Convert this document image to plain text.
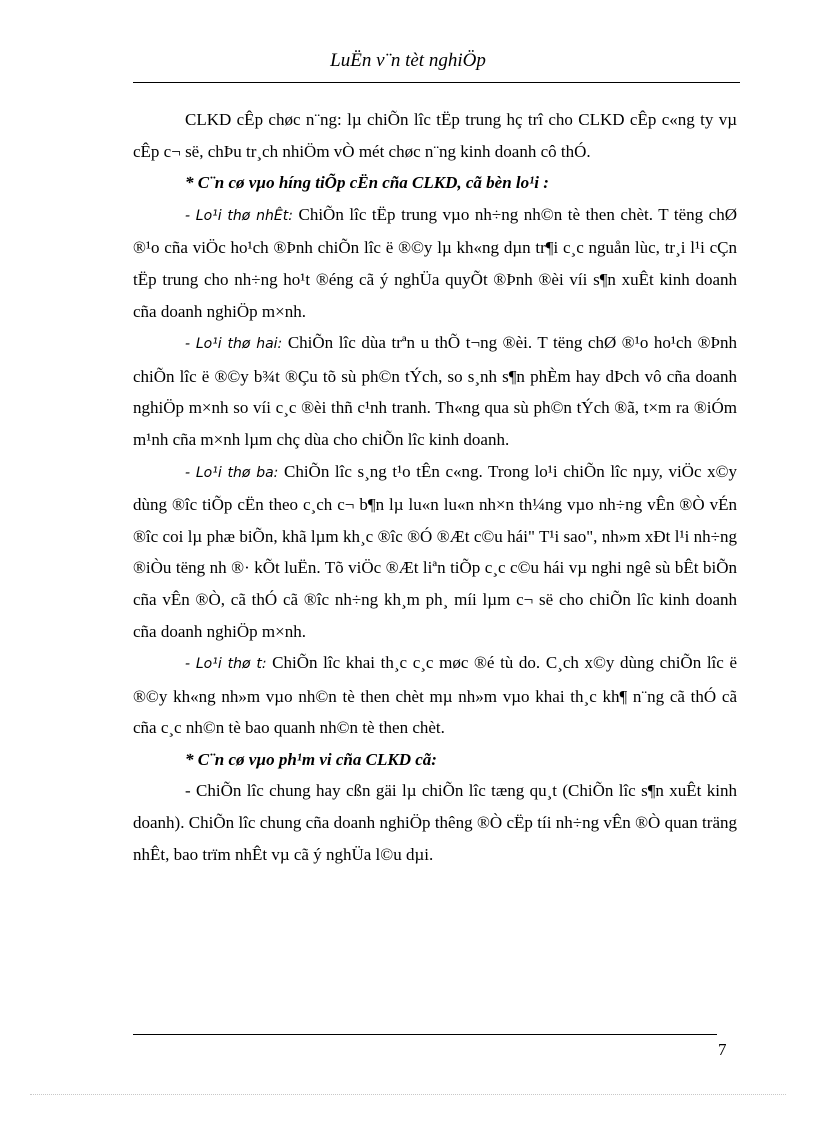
LuËn v¨n tèt nghiÖp

CLKD cÊp chøc n¨ng: lµ chiÕn lîc tËp trung hç trî cho CLKD cÊp c«ng ty vµ cÊp c¬ së, chÞu tr¸ch nhiÖm vÒ mét chøc n¨ng kinh doanh cô thÓ.

* C¨n cø vµo híng tiÕp cËn cña CLKD, cã bèn lo¹i :

- Lo¹i thø nhÊt: ChiÕn lîc tËp trung vµo nh÷ng nh©n tè then chèt. T tëng chØ ®¹o cña viÖc ho¹ch ®Þnh chiÕn lîc ë ®©y lµ kh«ng dµn tr¶i c¸c nguån lùc, tr¸i l¹i cÇn tËp trung cho nh÷ng ho¹t ®éng cã ý nghÜa quyÕt ®Þnh ®èi víi s¶n xuÊt kinh doanh cña doanh nghiÖp m×nh.

- Lo¹i thø hai: ChiÕn lîc dùa trªn u thÕ t¬ng ®èi. T tëng chØ ®¹o ho¹ch ®Þnh chiÕn lîc ë ®©y b¾t ®Çu tõ sù ph©n tÝch, so s¸nh s¶n phÈm hay dÞch vô cña doanh nghiÖp m×nh so víi c¸c ®èi thñ c¹nh tranh. Th«ng qua sù ph©n tÝch ®ã, t×m ra ®iÓm m¹nh cña m×nh lµm chç dùa cho chiÕn lîc kinh doanh.

- Lo¹i thø ba: ChiÕn lîc s¸ng t¹o tÊn c«ng. Trong lo¹i chiÕn lîc nµy, viÖc x©y dùng ®îc tiÕp cËn theo c¸ch c¬ b¶n lµ lu«n lu«n nh×n th¼ng vµo nh÷ng vÊn ®Ò vÉn ®îc coi lµ phæ biÕn, khã lµm kh¸c ®îc ®Ó ®Æt c©u hái" T¹i sao", nh»m xÐt l¹i nh÷ng ®iÒu tëng nh ®· kÕt luËn. Tõ viÖc ®Æt liªn tiÕp c¸c c©u hái vµ nghi ngê sù bÊt biÕn cña vÊn ®Ò, cã thÓ cã ®îc nh÷ng kh¸m ph¸ míi lµm c¬ së cho chiÕn lîc kinh doanh cña doanh nghiÖp m×nh.

- Lo¹i thø t: ChiÕn lîc khai th¸c c¸c møc ®é tù do. C¸ch x©y dùng chiÕn lîc ë ®©y kh«ng nh»m vµo nh©n tè then chèt mµ nh»m vµo khai th¸c kh¶ n¨ng cã thÓ cã cña c¸c nh©n tè bao quanh nh©n tè then chèt.

* C¨n cø vµo ph¹m vi cña CLKD cã:

- ChiÕn lîc chung hay cßn gäi lµ chiÕn lîc tæng qu¸t (ChiÕn lîc s¶n xuÊt kinh doanh). ChiÕn lîc chung cña doanh nghiÖp thêng ®Ò cËp tíi nh÷ng vÊn ®Ò quan träng nhÊt, bao trïm nhÊt vµ cã ý nghÜa l©u dµi.

7
